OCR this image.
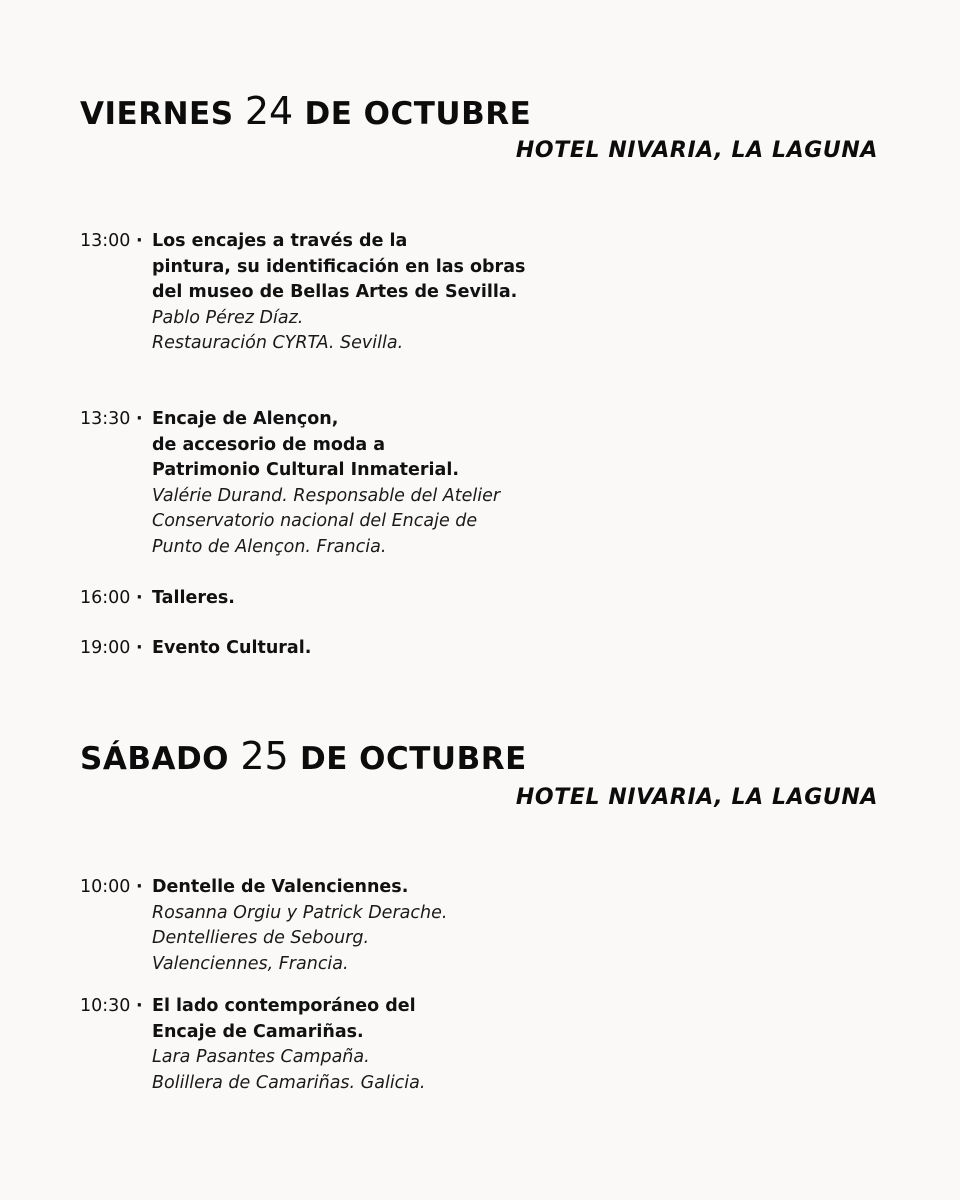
VIERNES 24 DE OCTUBRE
HOTEL NIVARIA, LA LAGUNA
13:00 · Los encajes a través de la
pintura, su identificación en las obras
del museo de Bellas Artes de Sevilla.
Pablo Pérez Díaz.
Restauración CYRTA. Sevilla.
13:30 · Encaje de Alençon,
de accesorio de moda a
Patrimonio Cultural Inmaterial.
Valérie Durand. Responsable del Atelier
Conservatorio nacional del Encaje de
Punto de Alençon. Francia.
16:00 · Talleres.
19:00 · Evento Cultural.
SÁBADO 25 DE OCTUBRE
HOTEL NIVARIA, LA LAGUNA
10:00 · Dentelle de Valenciennes.
Rosanna Orgiu y Patrick Derache.
Dentellieres de Sebourg.
Valenciennes, Francia.
10:30 · El lado contemporáneo del
Encaje de Camariñas.
Lara Pasantes Campaña.
Bolillera de Camariñas. Galicia.
